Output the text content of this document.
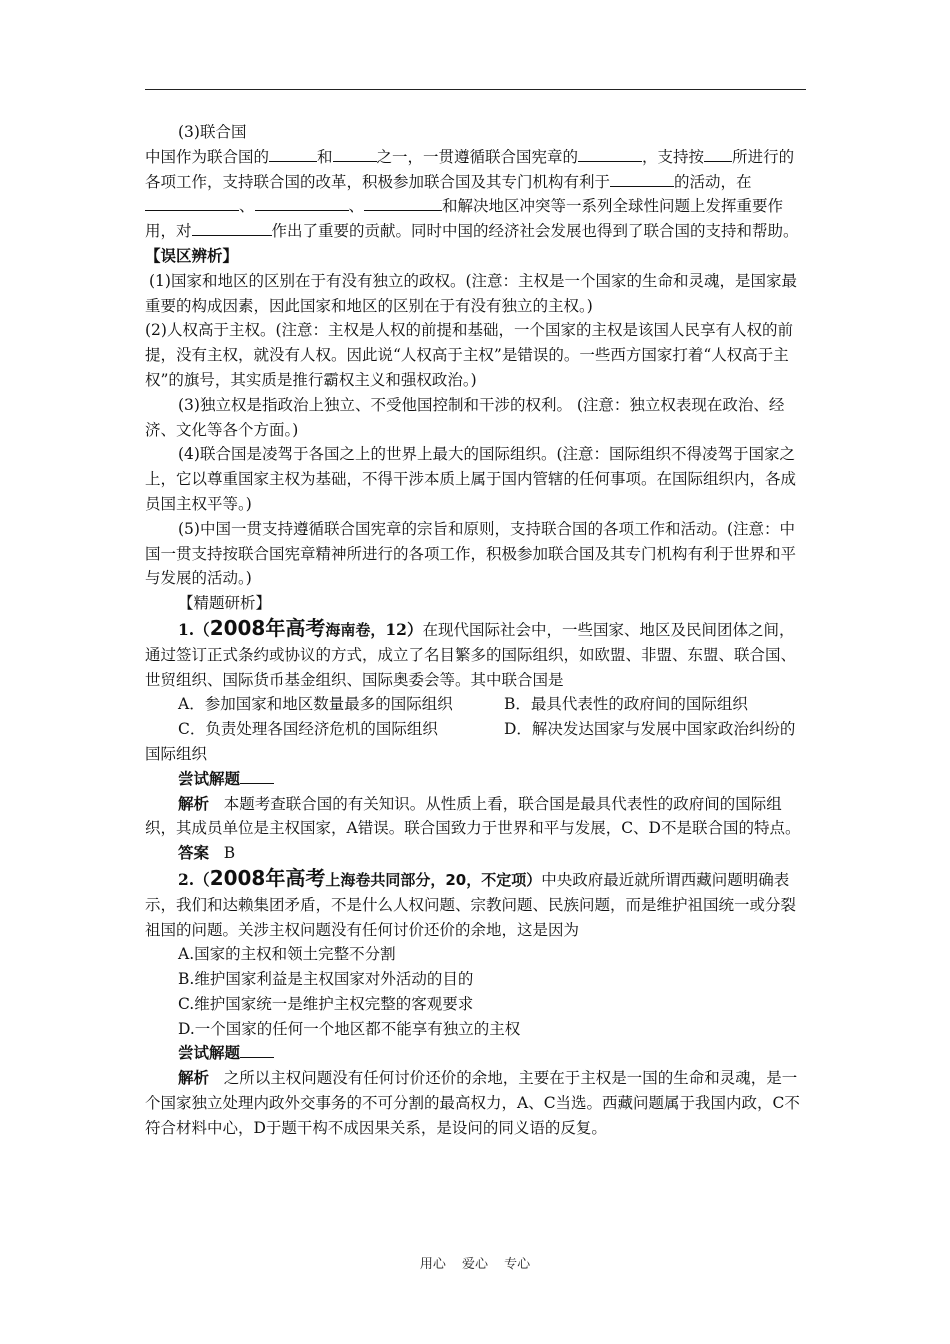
(3)联合国

中国作为联合国的	和	之一，一贯遵循联合国宪章的	，支持按 所进行的各项工作，支持联合国的改革，积极参加联合国及其专门机构有利于	的活动，在、	、	和解决地区冲突等一系列全球性问题上发挥重要作用，对	作出了重要的贡献。同时中国的经济社会发展也得到了联合国的支持和帮助。

【误区辨析】

(1)国家和地区的区别在于有没有独立的政权。(注意：主权是一个国家的生命和灵魂，是国家最重要的构成因素，因此国家和地区的区别在于有没有独立的主权。)

(2)人权高于主权。(注意：主权是人权的前提和基础，一个国家的主权是该国人民享有人权的前提，没有主权，就没有人权。因此说“人权高于主权”是错误的。一些西方国家打着“人权高于主权”的旗号，其实质是推行霸权主义和强权政治。)

(3)独立权是指政治上独立、不受他国控制和干涉的权利。 (注意：独立权表现在政治、经济、文化等各个方面。)

(4)联合国是凌驾于各国之上的世界上最大的国际组织。(注意：国际组织不得凌驾于国家之上，它以尊重国家主权为基础，不得干涉本质上属于国内管辖的任何事项。在国际组织内，各成员国主权平等。)

(5)中国一贯支持遵循联合国宪章的宗旨和原则，支持联合国的各项工作和活动。(注意：中国一贯支持按联合国宪章精神所进行的各项工作，积极参加联合国及其专门机构有利于世界和平与发展的活动。)

【精题研析】

1.（2008年高考海南卷，12）在现代国际社会中，一些国家、地区及民间团体之间，通过签订正式条约或协议的方式，成立了名目繁多的国际组织，如欧盟、非盟、东盟、联合国、世贸组织、国际货币基金组织、国际奥委会等。其中联合国是

A．参加国家和地区数量最多的国际组织	B．最具代表性的政府间的国际组织

C．负责处理各国经济危机的国际组织	D．解决发达国家与发展中国家政治纠纷的国际组织

尝试解题

解析 本题考查联合国的有关知识。从性质上看，联合国是最具代表性的政府间的国际组织，其成员单位是主权国家，A错误。联合国致力于世界和平与发展，C、D不是联合国的特点。

答案 B

2.（2008年高考上海卷共同部分，20，不定项）中央政府最近就所谓西藏问题明确表示，我们和达赖集团矛盾，不是什么人权问题、宗教问题、民族问题，而是维护祖国统一或分裂祖国的问题。关涉主权问题没有任何讨价还价的余地，这是因为

A.国家的主权和领土完整不分割

B.维护国家利益是主权国家对外活动的目的

C.维护国家统一是维护主权完整的客观要求

D.一个国家的任何一个地区都不能享有独立的主权

尝试解题

解析 之所以主权问题没有任何讨价还价的余地，主要在于主权是一国的生命和灵魂，是一个国家独立处理内政外交事务的不可分割的最高权力，A、C当选。西藏问题属于我国内政，C不符合材料中心，D于题干构不成因果关系，是设问的同义语的反复。

用心 爱心 专心
